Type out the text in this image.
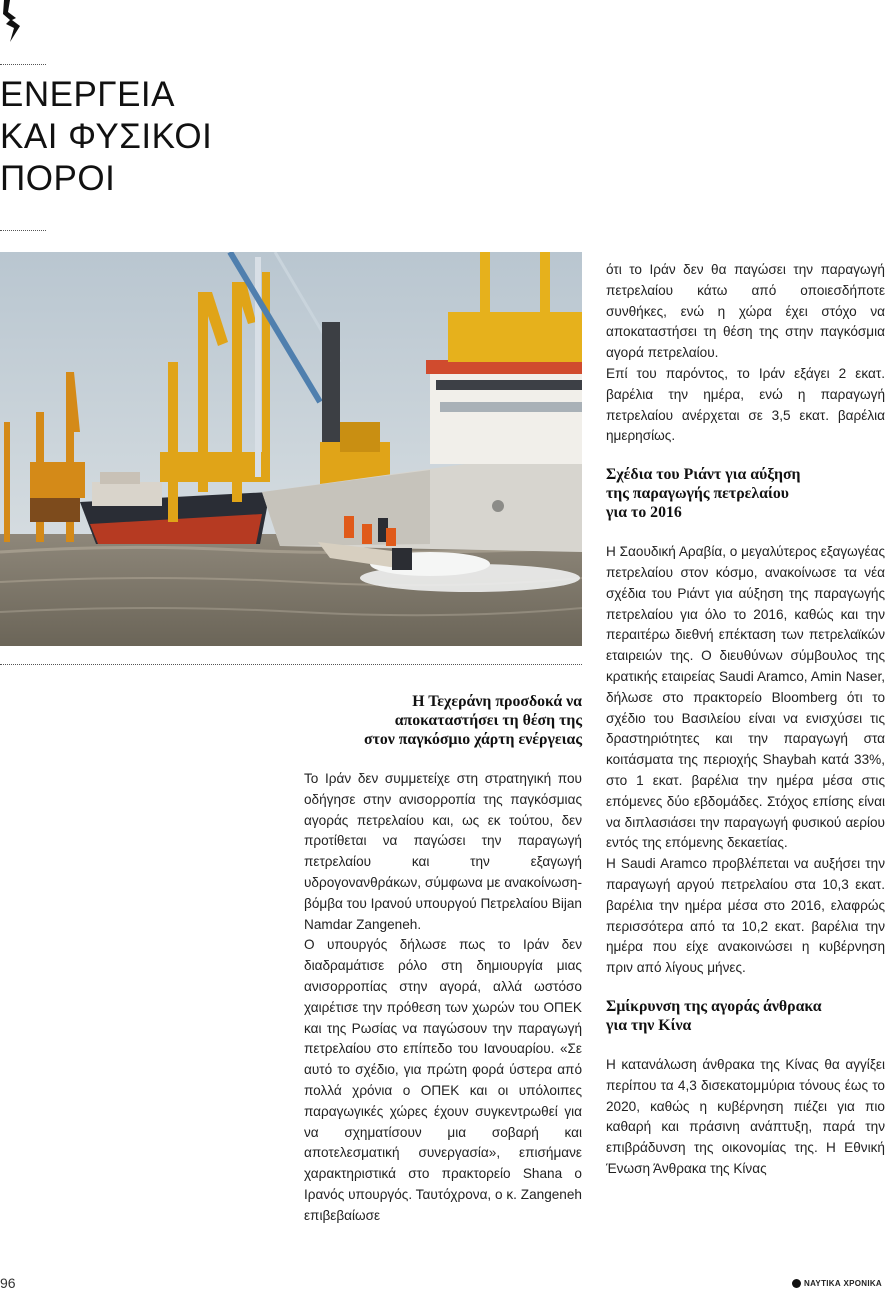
ΕΝΕΡΓΕΙΑ
ΚΑΙ ΦΥΣΙΚΟΙ
ΠΟΡΟΙ
Η Τεχεράνη προσδοκά να
αποκαταστήσει τη θέση της
στον παγκόσμιο χάρτη ενέργειας

Το Ιράν δεν συμμετείχε στη στρατηγική που οδήγησε στην ανισορροπία της παγκόσμιας αγοράς πετρελαίου και, ως εκ τούτου, δεν προτίθεται να παγώσει την παραγωγή πετρελαίου και την εξαγωγή υδρογονανθράκων, σύμφωνα με ανακοίνωση-βόμβα του Ιρανού υπουργού Πετρελαίου Bijan Namdar Zangeneh.

Ο υπουργός δήλωσε πως το Ιράν δεν διαδραμάτισε ρόλο στη δημιουργία μιας ανισορροπίας στην αγορά, αλλά ωστόσο χαιρέτισε την πρόθεση των χωρών του ΟΠΕΚ και της Ρωσίας να παγώσουν την παραγωγή πετρελαίου στο επίπεδο του Ιανουαρίου. «Σε αυτό το σχέδιο, για πρώτη φορά ύστερα από πολλά χρόνια ο ΟΠΕΚ και οι υπόλοιπες παραγωγικές χώρες έχουν συγκεντρωθεί για να σχηματίσουν μια σοβαρή και αποτελεσματική συνεργασία», επισήμανε χαρακτηριστικά στο πρακτορείο Shana ο Ιρανός υπουργός. Ταυτόχρονα, ο κ. Zangeneh επιβεβαίωσε

ότι το Ιράν δεν θα παγώσει την παραγωγή πετρελαίου κάτω από οποιεσδήποτε συνθήκες, ενώ η χώρα έχει στόχο να αποκαταστήσει τη θέση της στην παγκόσμια αγορά πετρελαίου.

Επί του παρόντος, το Ιράν εξάγει 2 εκατ. βαρέλια την ημέρα, ενώ η παραγωγή πετρελαίου ανέρχεται σε 3,5 εκατ. βαρέλια ημερησίως.

Σχέδια του Ριάντ για αύξηση
της παραγωγής πετρελαίου
για το 2016

Η Σαουδική Αραβία, ο μεγαλύτερος εξαγωγέας πετρελαίου στον κόσμο, ανακοίνωσε τα νέα σχέδια του Ριάντ για αύξηση της παραγωγής πετρελαίου για όλο το 2016, καθώς και την περαιτέρω διεθνή επέκταση των πετρελαϊκών εταιρειών της. Ο διευθύνων σύμβουλος της κρατικής εταιρείας Saudi Aramco, Amin Naser, δήλωσε στο πρακτορείο Bloomberg ότι το σχέδιο του Βασιλείου είναι να ενισχύσει τις δραστηριότητες και την παραγωγή στα κοιτάσματα της περιοχής Shaybah κατά 33%, στο 1 εκατ. βαρέλια την ημέρα μέσα στις επόμενες δύο εβδομάδες. Στόχος επίσης είναι να διπλασιάσει την παραγωγή φυσικού αερίου εντός της επόμενης δεκαετίας.

Η Saudi Aramco προβλέπεται να αυξήσει την παραγωγή αργού πετρελαίου στα 10,3 εκατ. βαρέλια την ημέρα μέσα στο 2016, ελαφρώς περισσότερα από τα 10,2 εκατ. βαρέλια την ημέρα που είχε ανακοινώσει η κυβέρνηση πριν από λίγους μήνες.

Σμίκρυνση της αγοράς άνθρακα
για την Κίνα

Η κατανάλωση άνθρακα της Κίνας θα αγγίξει περίπου τα 4,3 δισεκατομμύρια τόνους έως το 2020, καθώς η κυβέρνηση πιέζει για πιο καθαρή και πράσινη ανάπτυξη, παρά την επιβράδυνση της οικονομίας της. Η Εθνική Ένωση Άνθρακα της Κίνας

96	ΝΑΥΤΙΚΑ ΧΡΟΝΙΚΑ
